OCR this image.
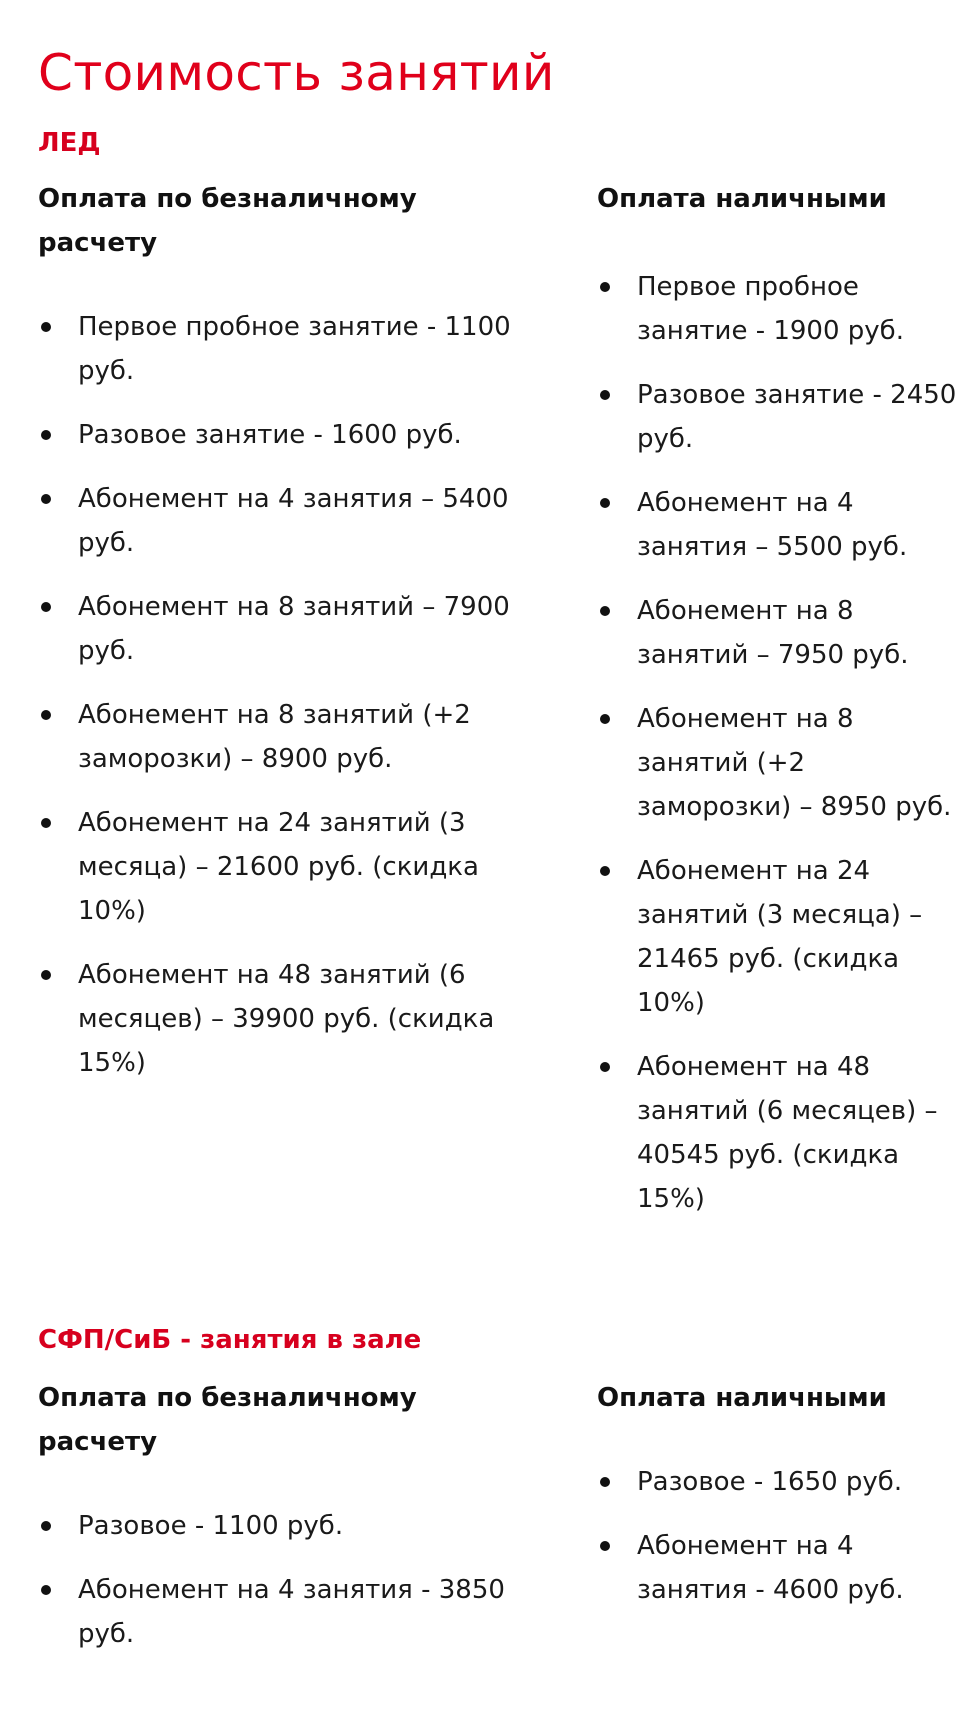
Стоимость занятий
ЛЕД
Оплата по безналичному расчету
Первое пробное занятие - 1100 руб.
Разовое занятие - 1600 руб.
Абонемент на 4 занятия – 5400 руб.
Абонемент на 8 занятий – 7900 руб.
Абонемент на 8 занятий (+2 заморозки) – 8900 руб.
Абонемент на 24 занятий (3 месяца) – 21600 руб. (скидка 10%)
Абонемент на 48 занятий (6 месяцев) – 39900 руб. (скидка 15%)
Оплата наличными
Первое пробное занятие - 1900 руб.
Разовое занятие - 2450 руб.
Абонемент на 4 занятия – 5500 руб.
Абонемент на 8 занятий – 7950 руб.
Абонемент на 8 занятий (+2 заморозки) – 8950 руб.
Абонемент на 24 занятий (3 месяца) – 21465 руб. (скидка 10%)
Абонемент на 48 занятий (6 месяцев) – 40545 руб. (скидка 15%)
СФП/СиБ - занятия в зале
Оплата по безналичному расчету
Разовое - 1100 руб.
Абонемент на 4 занятия - 3850 руб.
Оплата наличными
Разовое - 1650 руб.
Абонемент на 4 занятия - 4600 руб.
